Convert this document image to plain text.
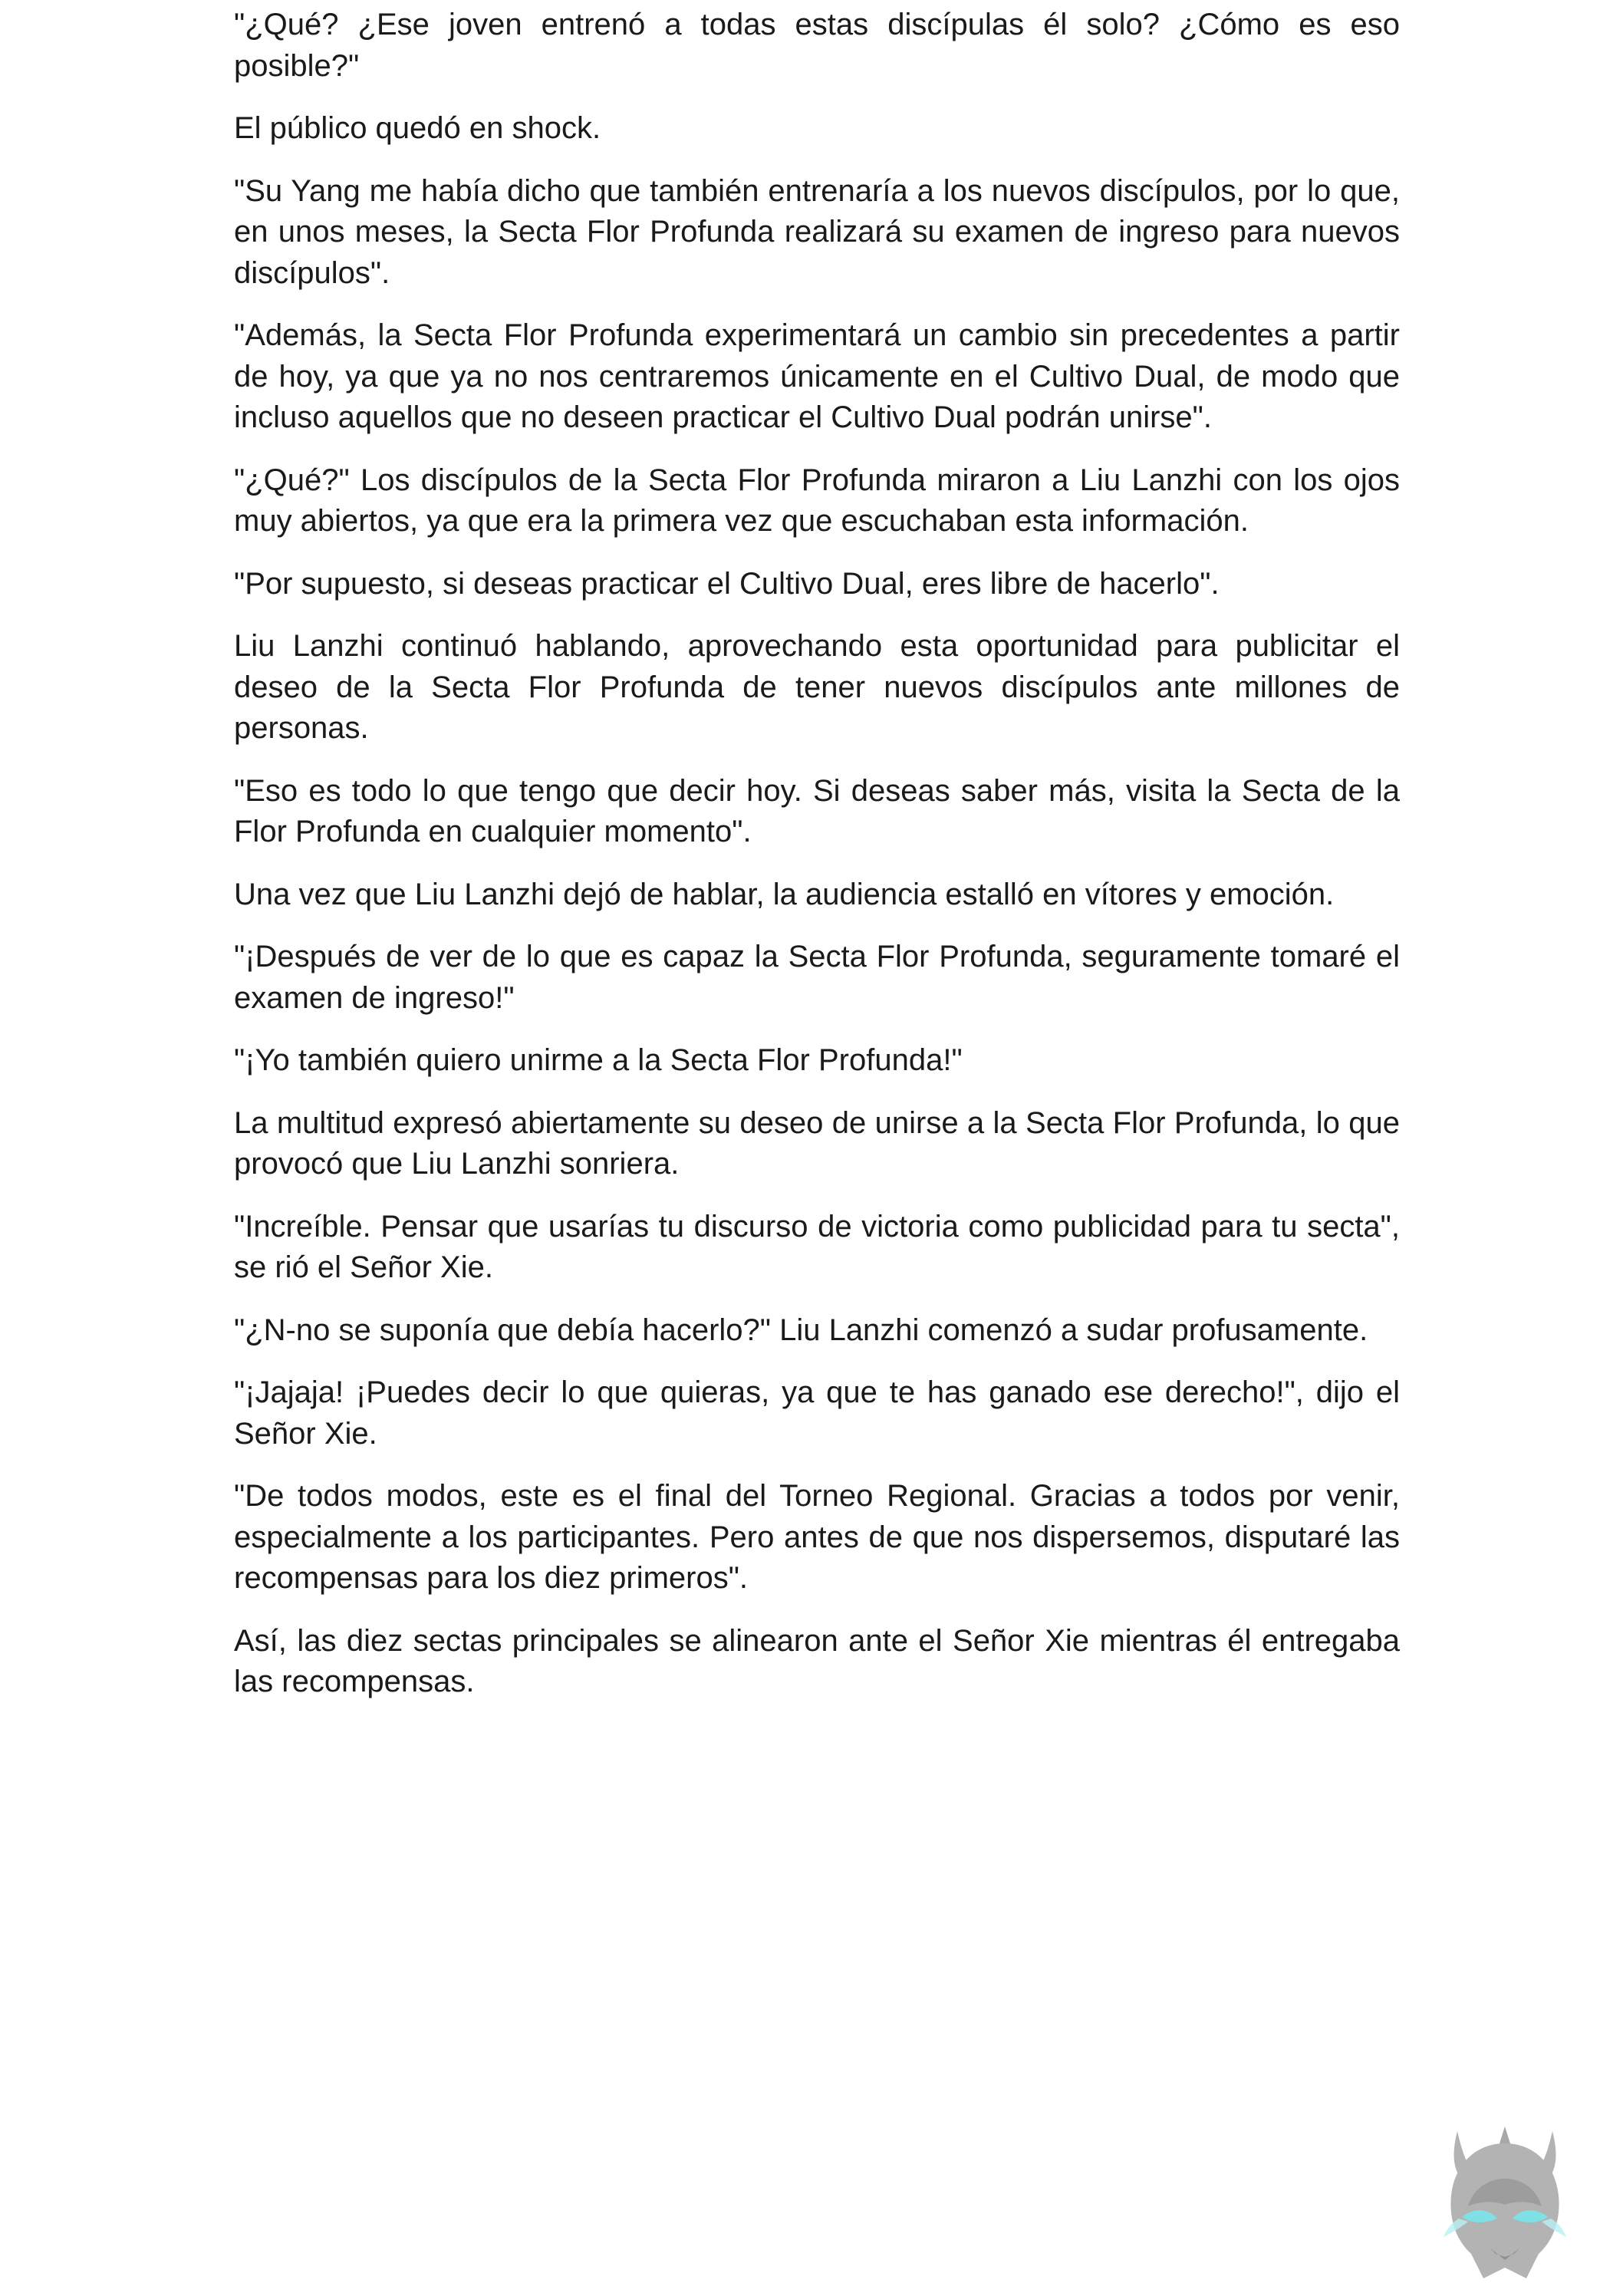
"¿Qué? ¿Ese joven entrenó a todas estas discípulas él solo? ¿Cómo es eso posible?"

El público quedó en shock.

"Su Yang me había dicho que también entrenaría a los nuevos discípulos, por lo que, en unos meses, la Secta Flor Profunda realizará su examen de ingreso para nuevos discípulos".

"Además, la Secta Flor Profunda experimentará un cambio sin precedentes a partir de hoy, ya que ya no nos centraremos únicamente en el Cultivo Dual, de modo que incluso aquellos que no deseen practicar el Cultivo Dual podrán unirse".

"¿Qué?" Los discípulos de la Secta Flor Profunda miraron a Liu Lanzhi con los ojos muy abiertos, ya que era la primera vez que escuchaban esta información.

"Por supuesto, si deseas practicar el Cultivo Dual, eres libre de hacerlo".

Liu Lanzhi continuó hablando, aprovechando esta oportunidad para publicitar el deseo de la Secta Flor Profunda de tener nuevos discípulos ante millones de personas.

"Eso es todo lo que tengo que decir hoy. Si deseas saber más, visita la Secta de la Flor Profunda en cualquier momento".

Una vez que Liu Lanzhi dejó de hablar, la audiencia estalló en vítores y emoción.

"¡Después de ver de lo que es capaz la Secta Flor Profunda, seguramente tomaré el examen de ingreso!"

"¡Yo también quiero unirme a la Secta Flor Profunda!"

La multitud expresó abiertamente su deseo de unirse a la Secta Flor Profunda, lo que provocó que Liu Lanzhi sonriera.

"Increíble. Pensar que usarías tu discurso de victoria como publicidad para tu secta", se rió el Señor Xie.

"¿N-no se suponía que debía hacerlo?" Liu Lanzhi comenzó a sudar profusamente.

"¡Jajaja! ¡Puedes decir lo que quieras, ya que te has ganado ese derecho!", dijo el Señor Xie.

"De todos modos, este es el final del Torneo Regional. Gracias a todos por venir, especialmente a los participantes. Pero antes de que nos dispersemos, disputaré las recompensas para los diez primeros".

Así, las diez sectas principales se alinearon ante el Señor Xie mientras él entregaba las recompensas.
